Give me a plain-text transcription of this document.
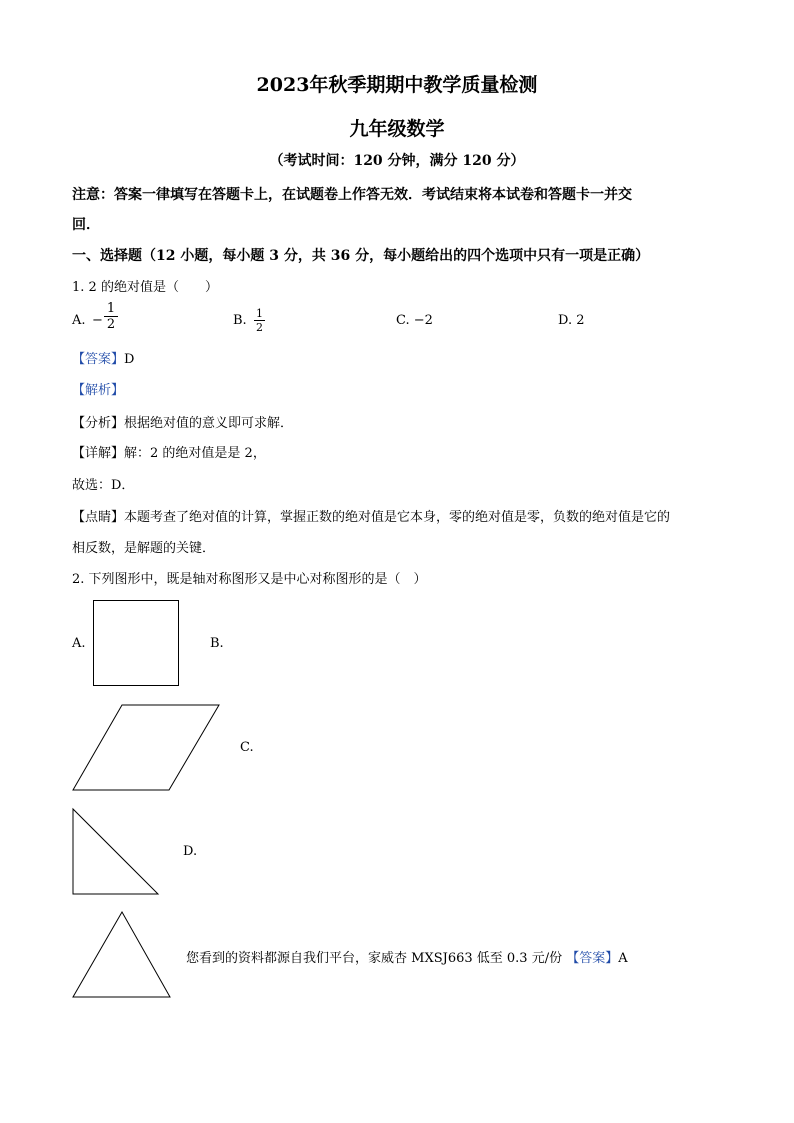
2023年秋季期期中教学质量检测
九年级数学
（考试时间：120 分钟，满分 120 分）
注意：答案一律填写在答题卡上，在试题卷上作答无效．考试结束将本试卷和答题卡一并交
回．
一、选择题（12 小题，每小题 3 分，共 36 分，每小题给出的四个选项中只有一项是正确）
1. 2 的绝对值是（　　）
A. −
1
2	B. 1
2	C. −2	D. 2
【答案】D
【解析】
【分析】根据绝对值的意义即可求解．
【详解】解：2 的绝对值是是 2，
故选：D．
【点睛】本题考查了绝对值的计算，掌握正数的绝对值是它本身，零的绝对值是零，负数的绝对值是它的
相反数，是解题的关键．
2. 下列图形中，既是轴对称图形又是中心对称图形的是（　）
A.	B.
C.
D.
您看到的资料都源自我们平台，家威杏 MXSJ663 低至 0.3 元/份 【答案】A
